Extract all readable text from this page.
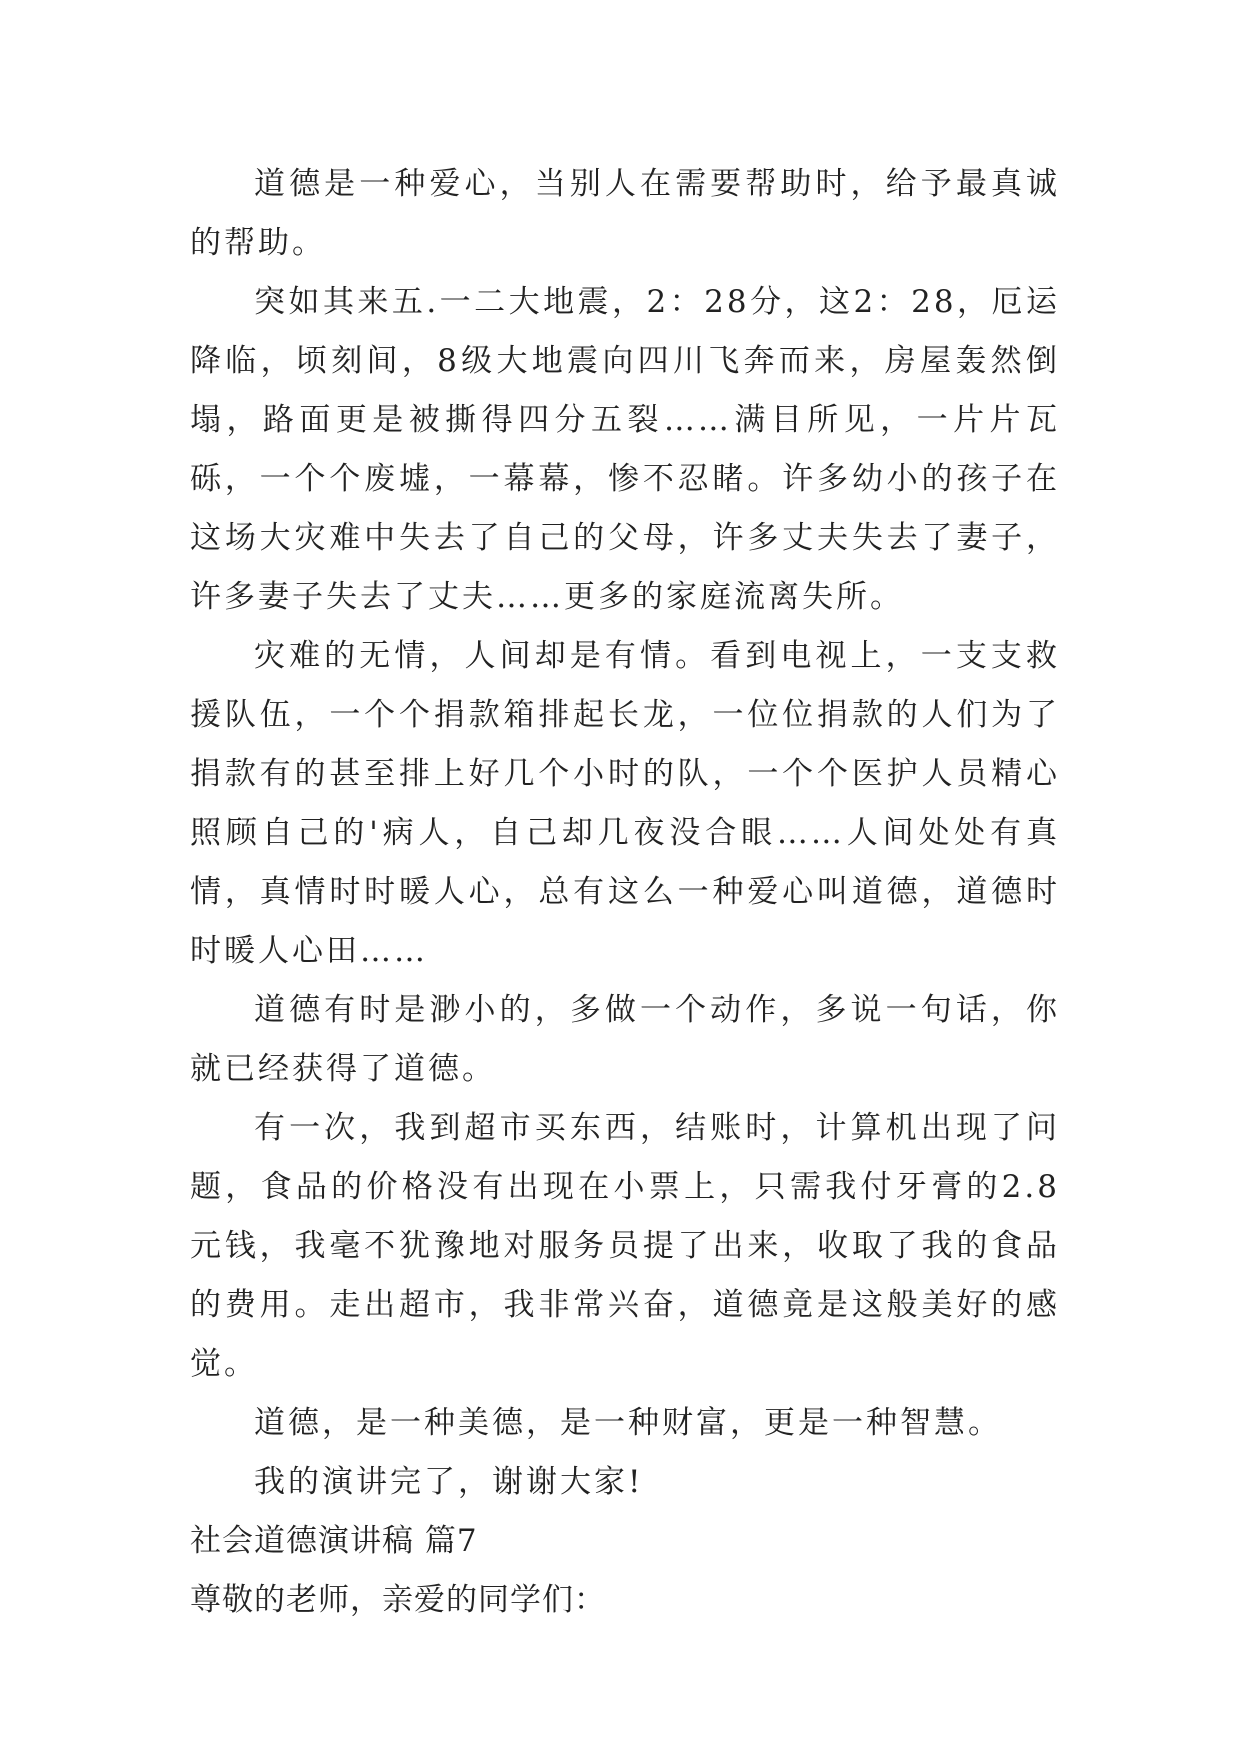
道德是一种爱心，当别人在需要帮助时，给予最真诚的帮助。

突如其来五.一二大地震，2：28分，这2：28，厄运降临，顷刻间，8级大地震向四川飞奔而来，房屋轰然倒塌，路面更是被撕得四分五裂……满目所见，一片片瓦砾，一个个废墟，一幕幕，惨不忍睹。许多幼小的孩子在这场大灾难中失去了自己的父母，许多丈夫失去了妻子，许多妻子失去了丈夫……更多的家庭流离失所。

灾难的无情，人间却是有情。看到电视上，一支支救援队伍，一个个捐款箱排起长龙，一位位捐款的人们为了捐款有的甚至排上好几个小时的队，一个个医护人员精心照顾自己的'病人，自己却几夜没合眼……人间处处有真情，真情时时暖人心，总有这么一种爱心叫道德，道德时时暖人心田……

道德有时是渺小的，多做一个动作，多说一句话，你就已经获得了道德。

有一次，我到超市买东西，结账时，计算机出现了问题，食品的价格没有出现在小票上，只需我付牙膏的2.8元钱，我毫不犹豫地对服务员提了出来，收取了我的食品的费用。走出超市，我非常兴奋，道德竟是这般美好的感觉。

道德，是一种美德，是一种财富，更是一种智慧。

我的演讲完了，谢谢大家!

社会道德演讲稿 篇7

尊敬的老师，亲爱的同学们：
